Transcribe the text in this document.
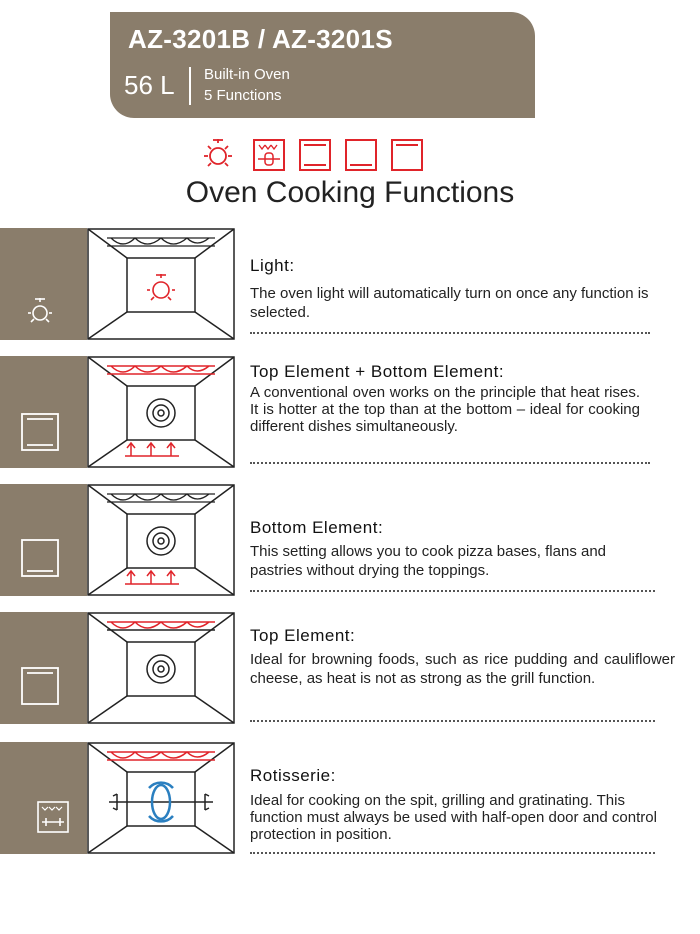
AZ-3201B / AZ-3201S
56 L Built-in Oven
5 Functions
Oven Cooking Functions
Light:
The oven light will automatically turn on once any function is selected.
Top Element + Bottom Element:
A conventional oven works on the principle that heat rises. It is hotter at the top than at the bottom – ideal for cooking different dishes simultaneously.
Bottom Element:
This setting allows you to cook pizza bases, flans and pastries without drying the toppings.
Top Element:
Ideal for browning foods, such as rice pudding and cauliflower cheese, as heat is not as strong as the grill function.
Rotisserie:
Ideal for cooking on the spit, grilling and gratinating. This function must always be used with half-open door and control protection in position.
